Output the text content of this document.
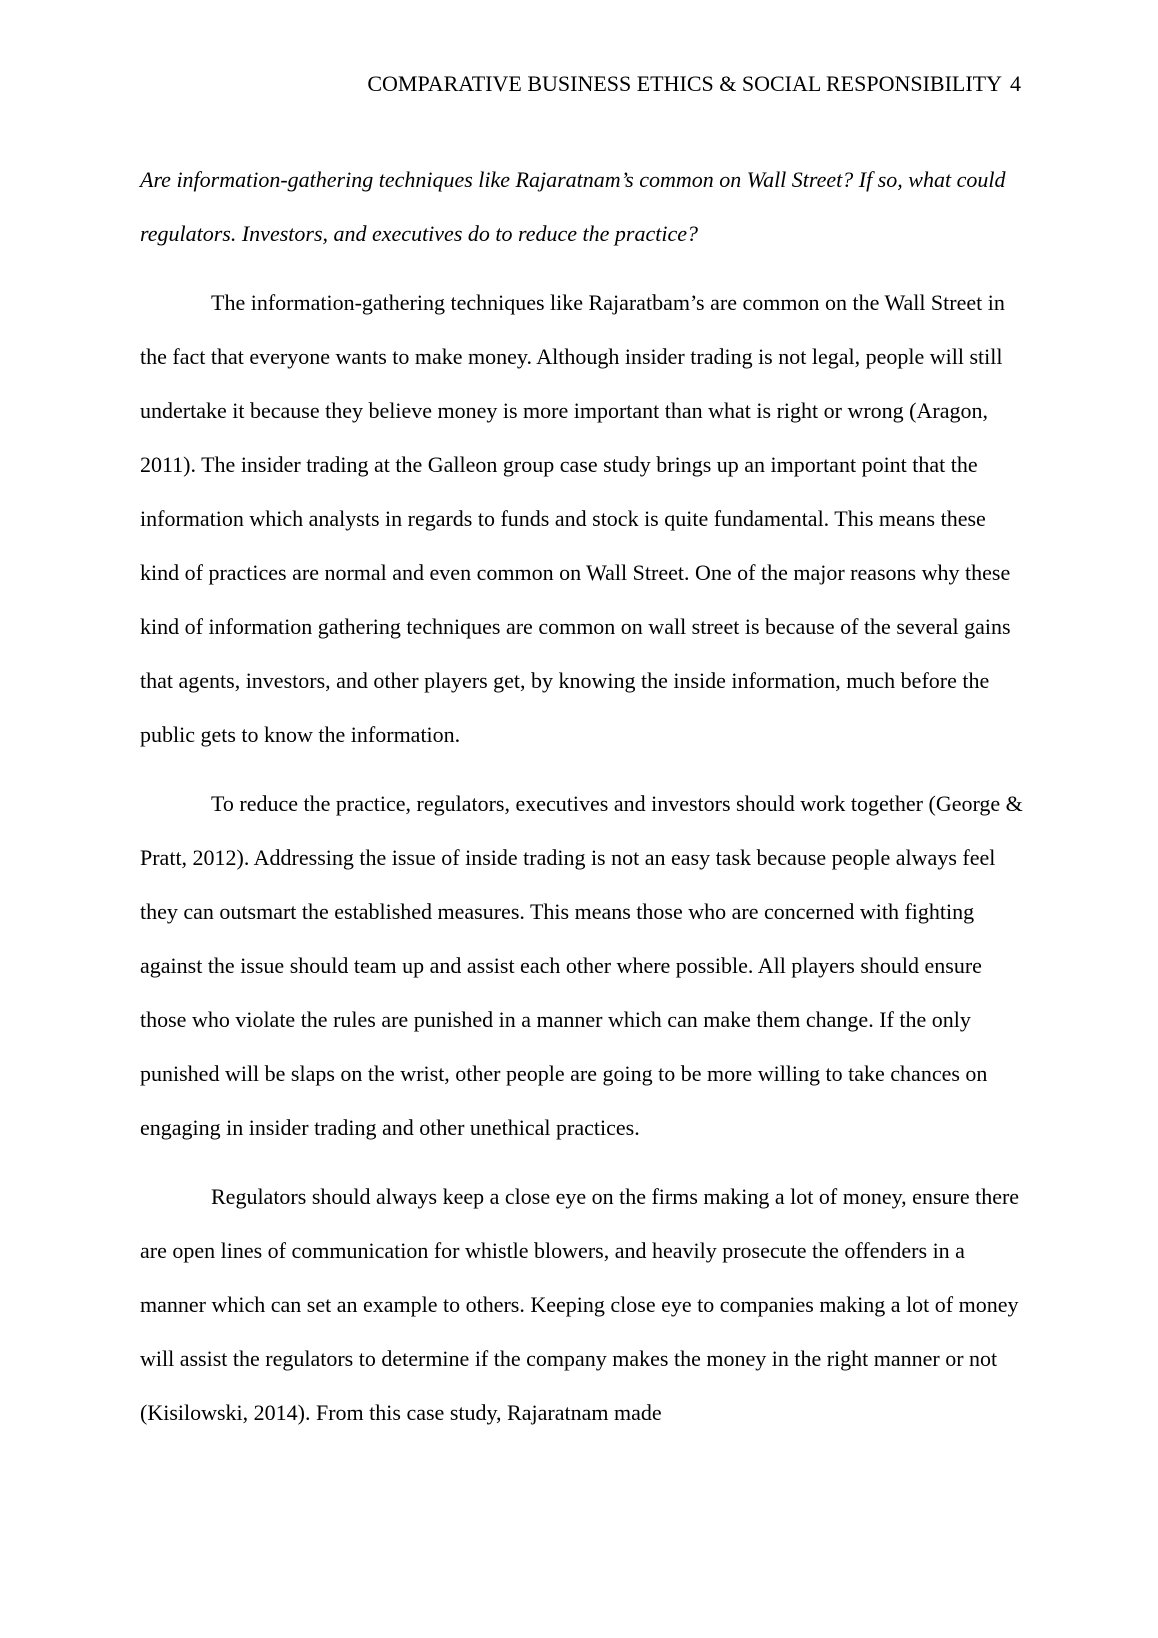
COMPARATIVE BUSINESS ETHICS & SOCIAL RESPONSIBILITY 4

Are information-gathering techniques like Rajaratnam’s common on Wall Street? If so, what could regulators. Investors, and executives do to reduce the practice?

The information-gathering techniques like Rajaratbam’s are common on the Wall Street in the fact that everyone wants to make money. Although insider trading is not legal, people will still undertake it because they believe money is more important than what is right or wrong (Aragon, 2011). The insider trading at the Galleon group case study brings up an important point that the information which analysts in regards to funds and stock is quite fundamental. This means these kind of practices are normal and even common on Wall Street. One of the major reasons why these kind of information gathering techniques are common on wall street is because of the several gains that agents, investors, and other players get, by knowing the inside information, much before the public gets to know the information.

To reduce the practice, regulators, executives and investors should work together (George & Pratt, 2012). Addressing the issue of inside trading is not an easy task because people always feel they can outsmart the established measures. This means those who are concerned with fighting against the issue should team up and assist each other where possible. All players should ensure those who violate the rules are punished in a manner which can make them change. If the only punished will be slaps on the wrist, other people are going to be more willing to take chances on engaging in insider trading and other unethical practices.

Regulators should always keep a close eye on the firms making a lot of money, ensure there are open lines of communication for whistle blowers, and heavily prosecute the offenders in a manner which can set an example to others. Keeping close eye to companies making a lot of money will assist the regulators to determine if the company makes the money in the right manner or not (Kisilowski, 2014). From this case study, Rajaratnam made
